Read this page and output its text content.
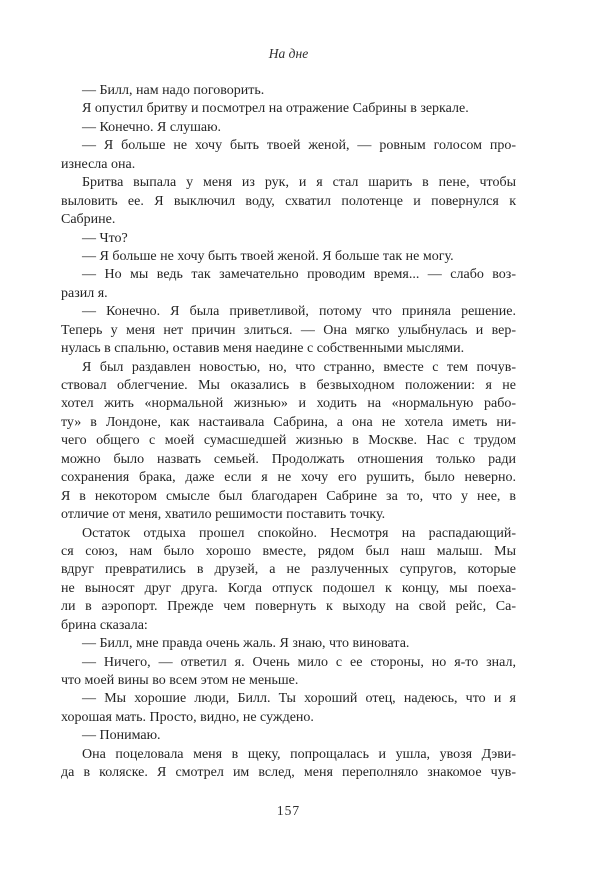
На дне
— Билл, нам надо поговорить.
Я опустил бритву и посмотрел на отражение Сабрины в зеркале.
— Конечно. Я слушаю.
— Я больше не хочу быть твоей женой, — ровным голосом про-
изнесла она.
Бритва выпала у меня из рук, и я стал шарить в пене, чтобы
выловить ее. Я выключил воду, схватил полотенце и повернулся к
Сабрине.
— Что?
— Я больше не хочу быть твоей женой. Я больше так не могу.
— Но мы ведь так замечательно проводим время... — слабо воз-
разил я.
— Конечно. Я была приветливой, потому что приняла решение.
Теперь у меня нет причин злиться. — Она мягко улыбнулась и вер-
нулась в спальню, оставив меня наедине с собственными мыслями.
Я был раздавлен новостью, но, что странно, вместе с тем почув-
ствовал облегчение. Мы оказались в безвыходном положении: я не
хотел жить «нормальной жизнью» и ходить на «нормальную рабо-
ту» в Лондоне, как настаивала Сабрина, а она не хотела иметь ни-
чего общего с моей сумасшедшей жизнью в Москве. Нас с трудом
можно было назвать семьей. Продолжать отношения только ради
сохранения брака, даже если я не хочу его рушить, было неверно.
Я в некотором смысле был благодарен Сабрине за то, что у нее, в
отличие от меня, хватило решимости поставить точку.
Остаток отдыха прошел спокойно. Несмотря на распадающий-
ся союз, нам было хорошо вместе, рядом был наш малыш. Мы
вдруг превратились в друзей, а не разлученных супругов, которые
не выносят друг друга. Когда отпуск подошел к концу, мы поеха-
ли в аэропорт. Прежде чем повернуть к выходу на свой рейс, Са-
брина сказала:
— Билл, мне правда очень жаль. Я знаю, что виновата.
— Ничего, — ответил я. Очень мило с ее стороны, но я-то знал,
что моей вины во всем этом не меньше.
— Мы хорошие люди, Билл. Ты хороший отец, надеюсь, что и я
хорошая мать. Просто, видно, не суждено.
— Понимаю.
Она поцеловала меня в щеку, попрощалась и ушла, увозя Дэви-
да в коляске. Я смотрел им вслед, меня переполняло знакомое чув-
157
